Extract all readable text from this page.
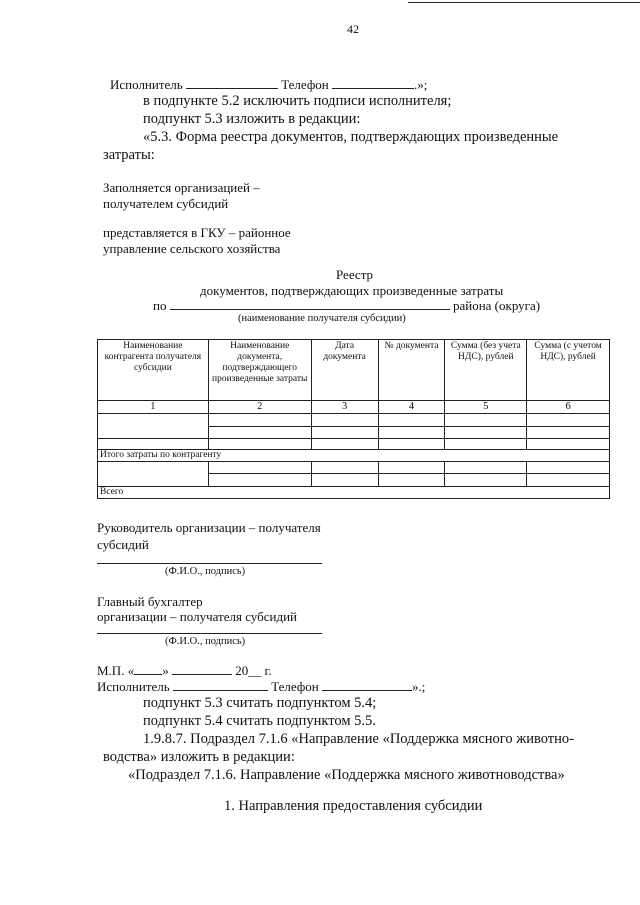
42
Исполнитель	Телефон	.»;
в подпункте 5.2 исключить подписи исполнителя;
подпункт 5.3 изложить в редакции:
«5.3. Форма реестра документов, подтверждающих произведенные
затраты:
Заполняется организацией –
получателем субсидий
представляется в ГКУ – районное
управление сельского хозяйства
Реестр
документов, подтверждающих произведенные затраты
по	района (округа)
(наименование получателя субсидии)
Наименование контрагента получателя субсидии	Наименование документа, подтверждающего произведенные затраты	Дата документа	№ документа	Сумма (без учета НДС), рублей	Сумма (с учетом НДС), рублей
1	2	3	4	5	6

Итого затраты по контрагенту					

Всего					
Руководитель организации – получателя
субсидий
(Ф.И.О., подпись)
Главный бухгалтер
организации – получателя субсидий
(Ф.И.О., подпись)
М.П. « »	20__ г.
Исполнитель	Телефон	».;
подпункт 5.3 считать подпунктом 5.4;
подпункт 5.4 считать подпунктом 5.5.
1.9.8.7. Подраздел 7.1.6 «Направление «Поддержка мясного животно-
водства» изложить в редакции:
«Подраздел 7.1.6. Направление «Поддержка мясного животноводства»
1. Направления предоставления субсидии
